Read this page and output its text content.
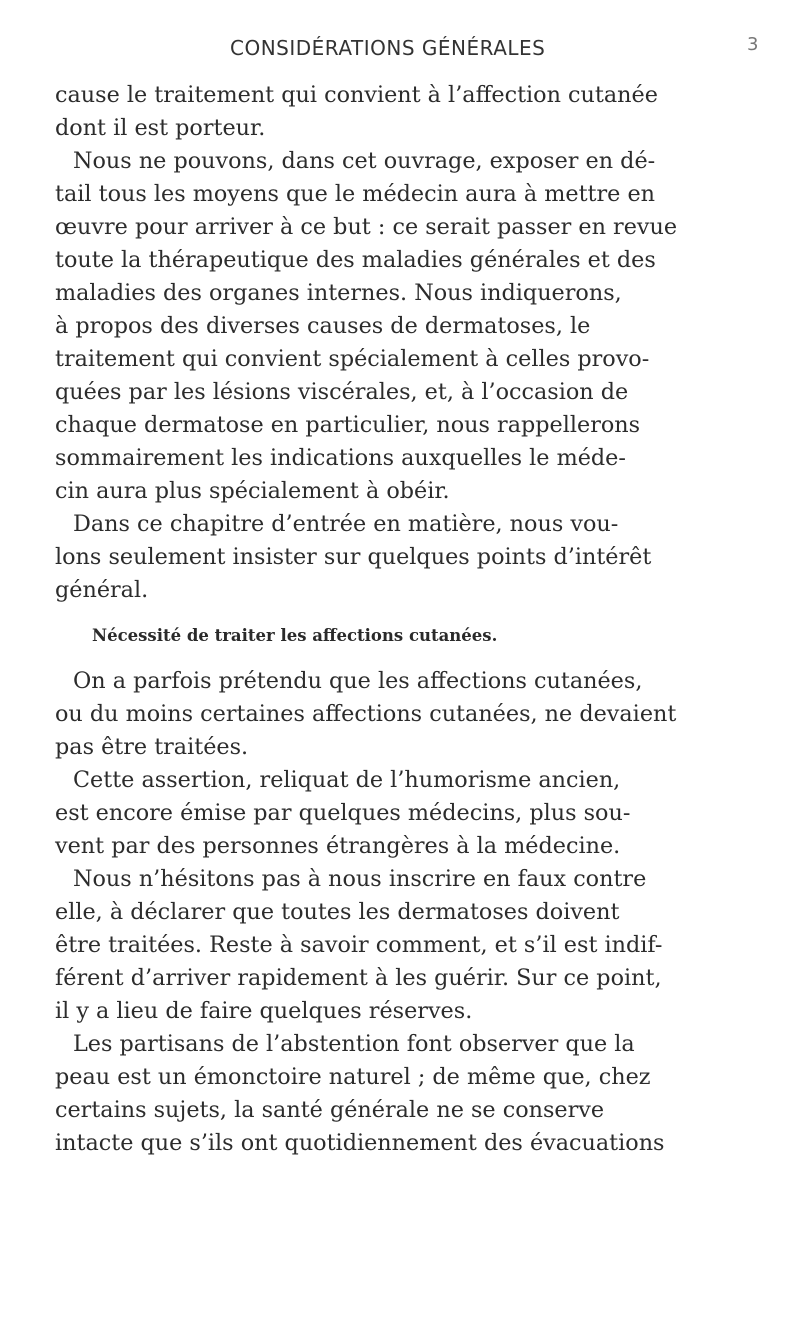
CONSIDÉRATIONS GÉNÉRALES	3
cause le traitement qui convient à l’affection cutanée
dont il est porteur.
Nous ne pouvons, dans cet ouvrage, exposer en dé-
tail tous les moyens que le médecin aura à mettre en
œuvre pour arriver à ce but : ce serait passer en revue
toute la thérapeutique des maladies générales et des
maladies des organes internes. Nous indiquerons,
à propos des diverses causes de dermatoses, le
traitement qui convient spécialement à celles provo-
quées par les lésions viscérales, et, à l’occasion de
chaque dermatose en particulier, nous rappellerons
sommairement les indications auxquelles le méde-
cin aura plus spécialement à obéir.
Dans ce chapitre d’entrée en matière, nous vou-
lons seulement insister sur quelques points d’intérêt
général.
Nécessité de traiter les affections cutanées.
On a parfois prétendu que les affections cutanées,
ou du moins certaines affections cutanées, ne devaient
pas être traitées.
Cette assertion, reliquat de l’humorisme ancien,
est encore émise par quelques médecins, plus sou-
vent par des personnes étrangères à la médecine.
Nous n’hésitons pas à nous inscrire en faux contre
elle, à déclarer que toutes les dermatoses doivent
être traitées. Reste à savoir comment, et s’il est indif-
férent d’arriver rapidement à les guérir. Sur ce point,
il y a lieu de faire quelques réserves.
Les partisans de l’abstention font observer que la
peau est un émonctoire naturel ; de même que, chez
certains sujets, la santé générale ne se conserve
intacte que s’ils ont quotidiennement des évacuations
